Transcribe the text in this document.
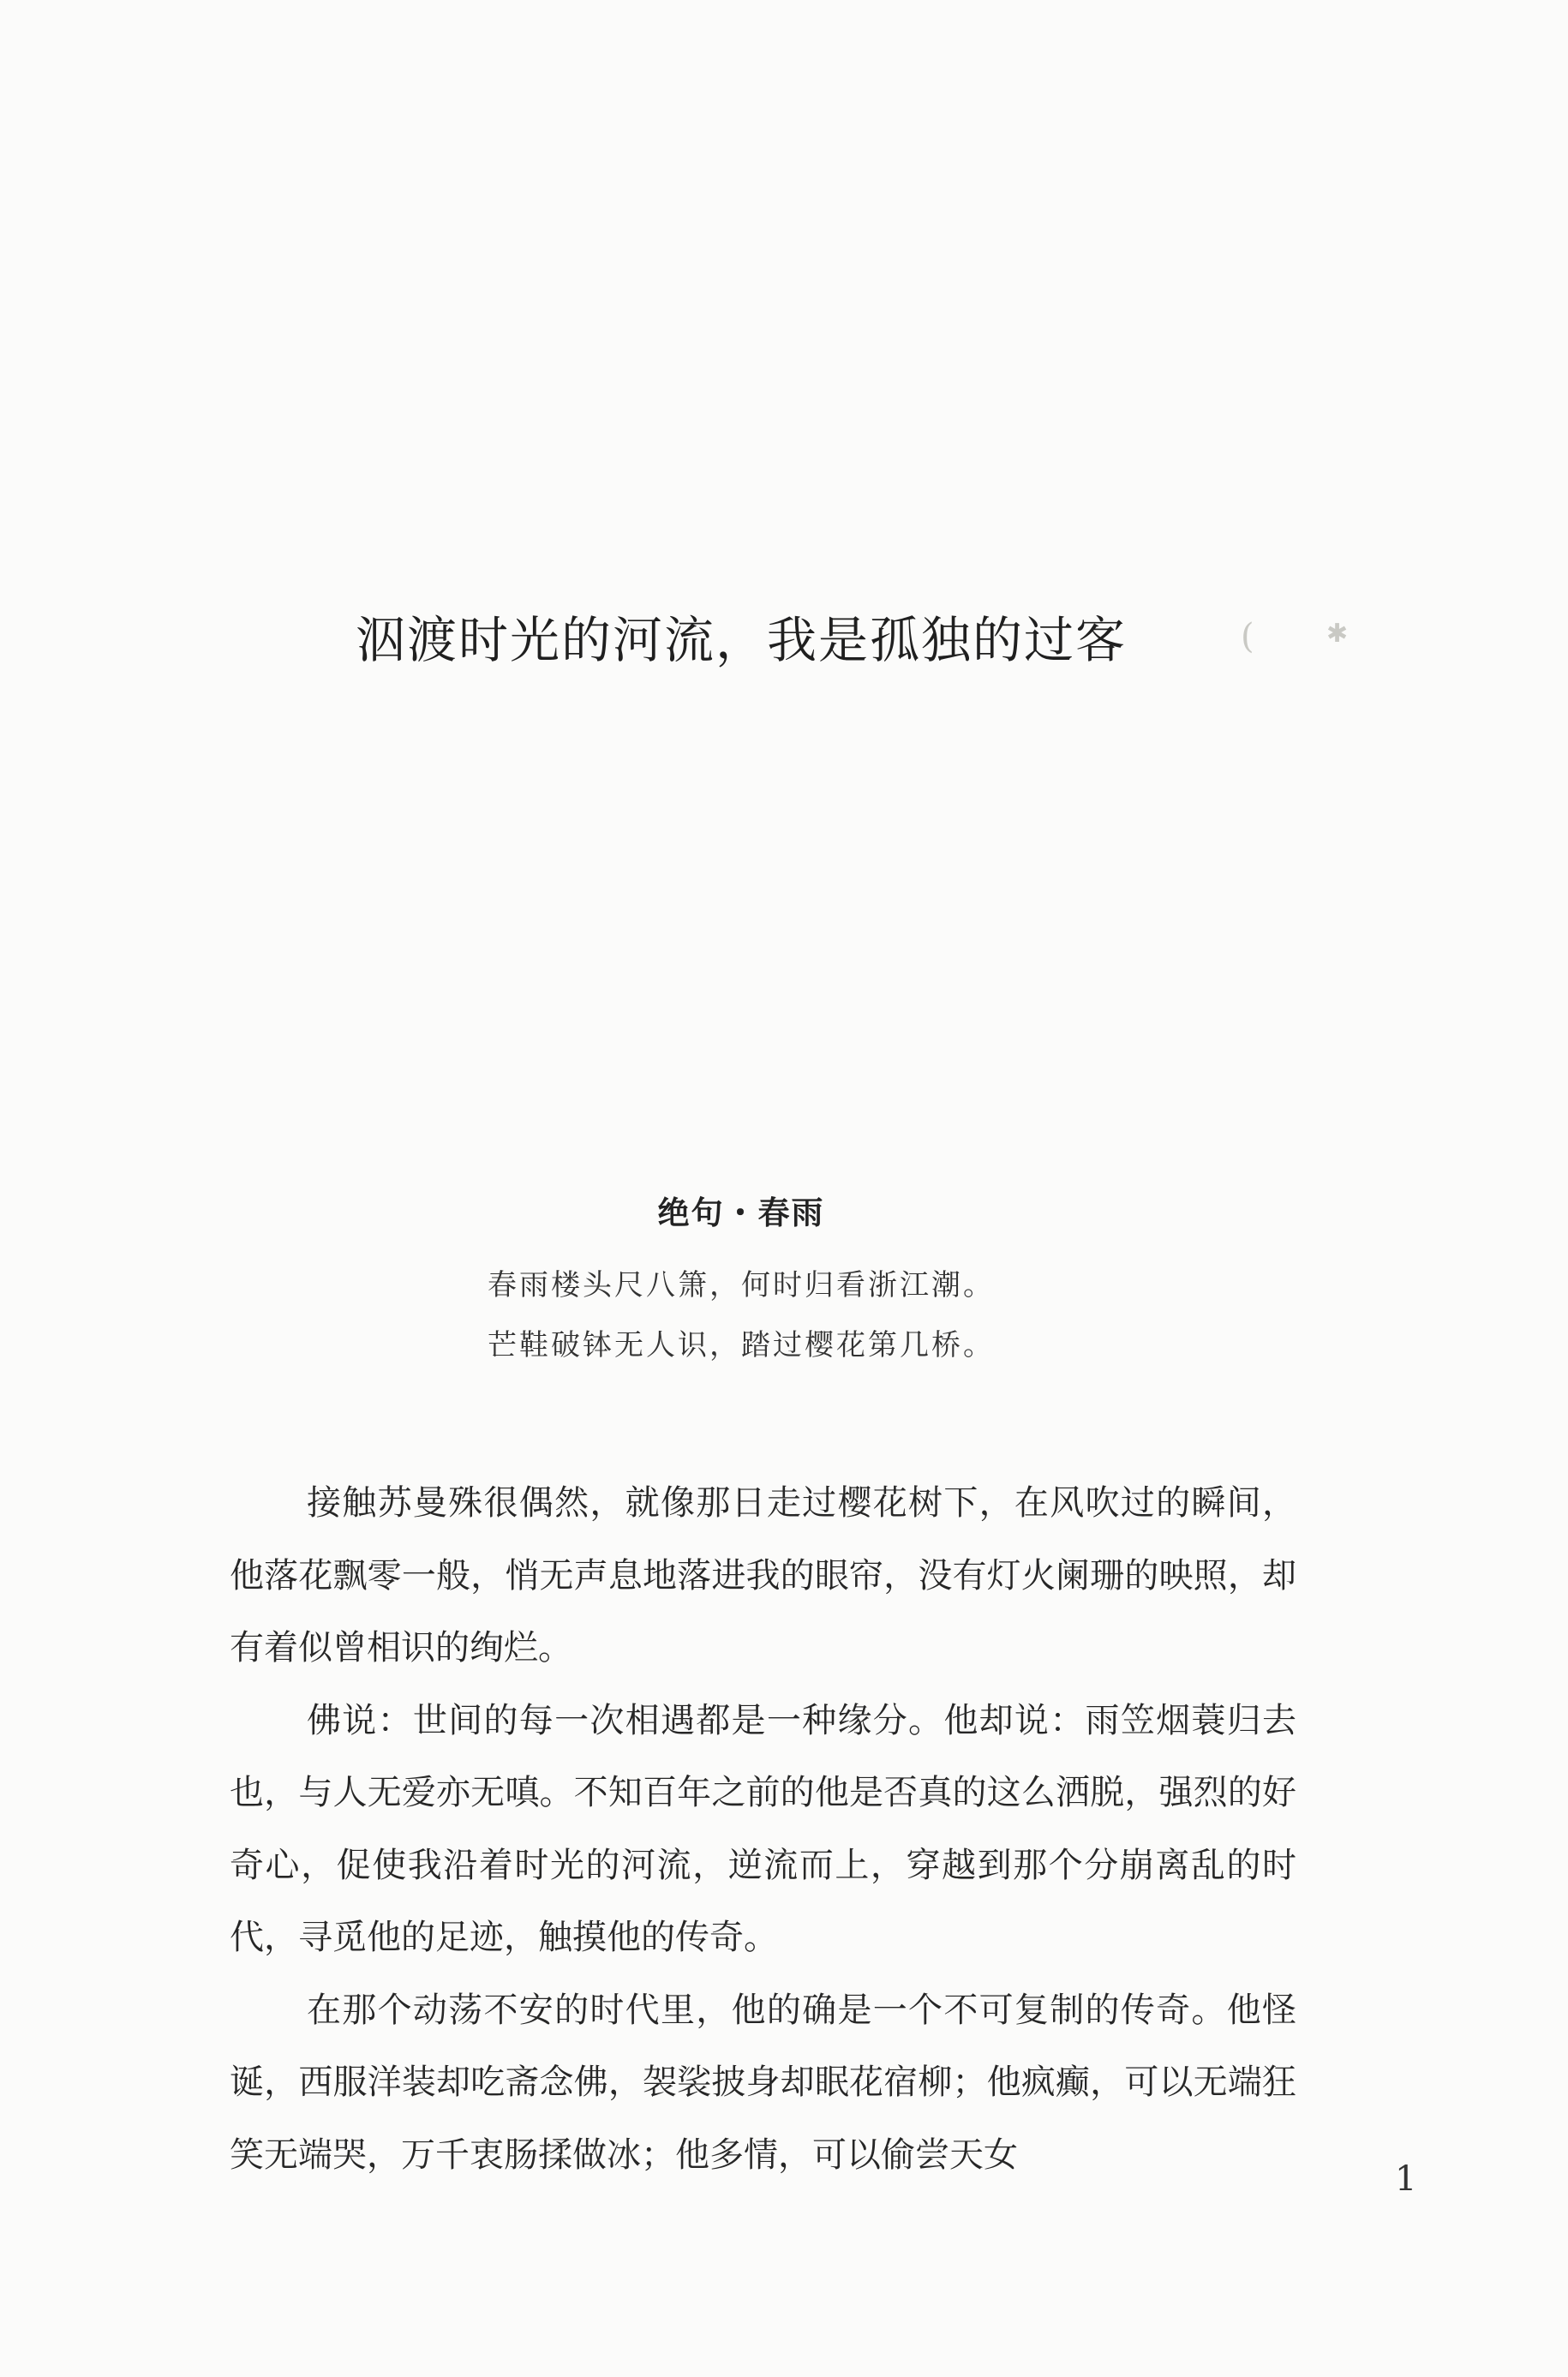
泅渡时光的河流，我是孤独的过客	(	✱
绝句・春雨
春雨楼头尺八箫，何时归看浙江潮。
芒鞋破钵无人识，踏过樱花第几桥。

接触苏曼殊很偶然，就像那日走过樱花树下，在风吹过的瞬间，他落花飘零一般，悄无声息地落进我的眼帘，没有灯火阑珊的映照，却有着似曾相识的绚烂。

佛说：世间的每一次相遇都是一种缘分。他却说：雨笠烟蓑归去也，与人无爱亦无嗔。不知百年之前的他是否真的这么洒脱，强烈的好奇心，促使我沿着时光的河流，逆流而上，穿越到那个分崩离乱的时代，寻觅他的足迹，触摸他的传奇。

在那个动荡不安的时代里，他的确是一个不可复制的传奇。他怪诞，西服洋装却吃斋念佛，袈裟披身却眠花宿柳；他疯癫，可以无端狂笑无端哭，万千衷肠揉做冰；他多情，可以偷尝天女

1
